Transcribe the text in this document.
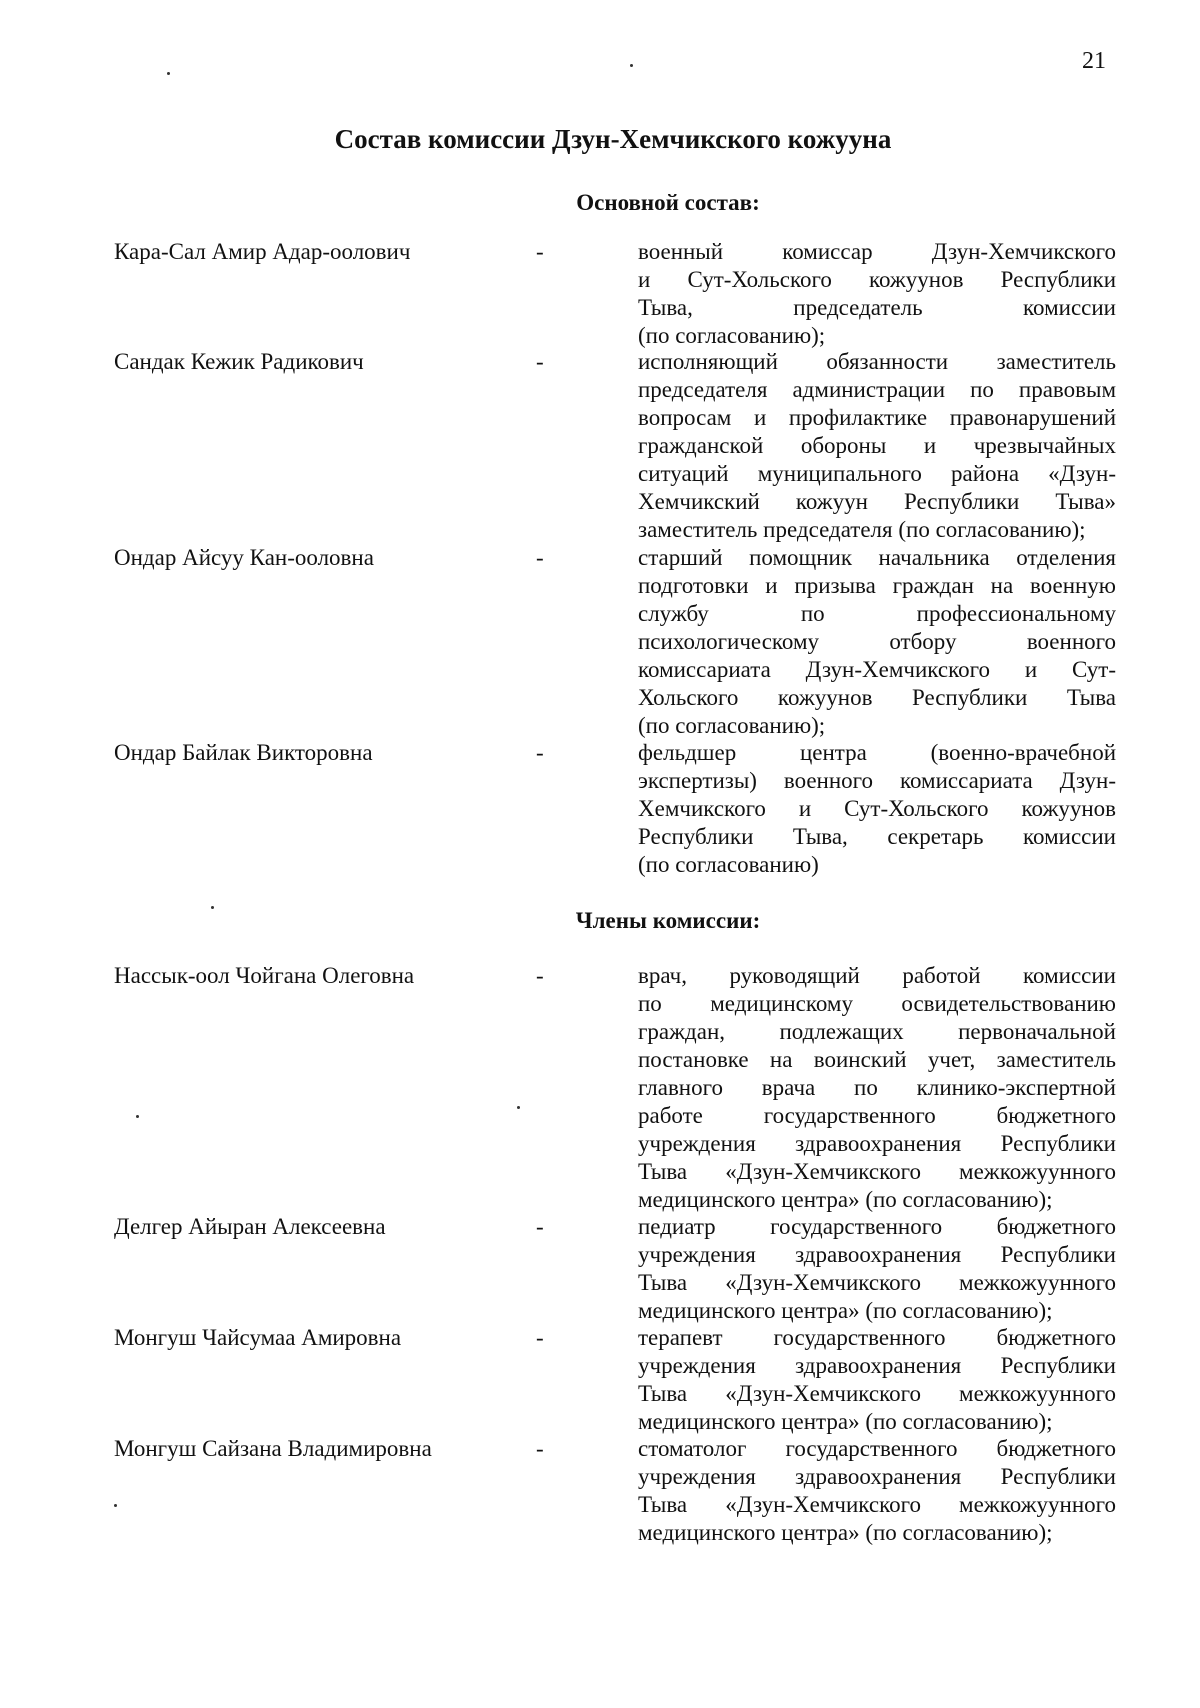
21
Состав комиссии Дзун-Хемчикского кожууна
Основной состав:
Кара-Сал Амир Адар-оолович	-	военный комиссар Дзун-Хемчикского
и Сут-Хольского кожуунов Республики
Тыва, председатель комиссии
(по согласованию);
Сандак Кежик Радикович	-	исполняющий обязанности заместитель
председателя администрации по правовым
вопросам и профилактике правонарушений
гражданской обороны и чрезвычайных
ситуаций муниципального района «Дзун-
Хемчикский кожуун Республики Тыва»
заместитель председателя (по согласованию);
Ондар Айсуу Кан-ооловна	-	старший помощник начальника отделения
подготовки и призыва граждан на военную
службу по профессиональному
психологическому отбору военного
комиссариата Дзун-Хемчикского и Сут-
Хольского кожуунов Республики Тыва
(по согласованию);
Ондар Байлак Викторовна	-	фельдшер центра (военно-врачебной
экспертизы) военного комиссариата Дзун-
Хемчикского и Сут-Хольского кожуунов
Республики Тыва, секретарь комиссии
(по согласованию)
Члены комиссии:
Нассык-оол Чойгана Олеговна	-	врач, руководящий работой комиссии
по медицинскому освидетельствованию
граждан, подлежащих первоначальной
постановке на воинский учет, заместитель
главного врача по клинико-экспертной
работе государственного бюджетного
учреждения здравоохранения Республики
Тыва «Дзун-Хемчикского межкожуунного
медицинского центра» (по согласованию);
Делгер Айыран Алексеевна	-	педиатр государственного бюджетного
учреждения здравоохранения Республики
Тыва «Дзун-Хемчикского межкожуунного
медицинского центра» (по согласованию);
Монгуш Чайсумаа Амировна	-	терапевт государственного бюджетного
учреждения здравоохранения Республики
Тыва «Дзун-Хемчикского межкожуунного
медицинского центра» (по согласованию);
Монгуш Сайзана Владимировна	-	стоматолог государственного бюджетного
учреждения здравоохранения Республики
Тыва «Дзун-Хемчикского межкожуунного
медицинского центра» (по согласованию);
